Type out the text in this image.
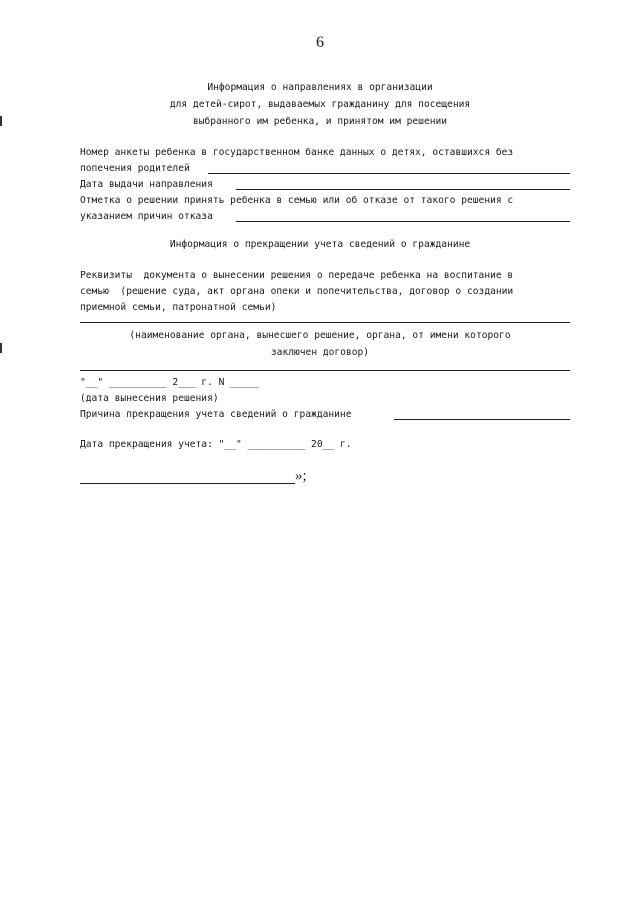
6
Информация о направлениях в организации
для детей-сирот, выдаваемых гражданину для посещения
выбранного им ребенка, и принятом им решении
Номер анкеты ребенка в государственном банке данных о детях, оставшихся без
попечения родителей
Дата выдачи направления
Отметка о решении принять ребенка в семью или об отказе от такого решения с
указанием причин отказа
Информация о прекращении учета сведений о гражданине
Реквизиты  документа о вынесении решения о передаче ребенка на воспитание в
семью  (решение суда, акт органа опеки и попечительства, договор о создании
приемной семьи, патронатной семьи)
(наименование органа, вынесшего решение, органа, от имени которого
заключен договор)
"__" __________ 2___ г. N _____
(дата вынесения решения)
Причина прекращения учета сведений о гражданине
Дата прекращения учета: "__" __________ 20__ г.
»;
